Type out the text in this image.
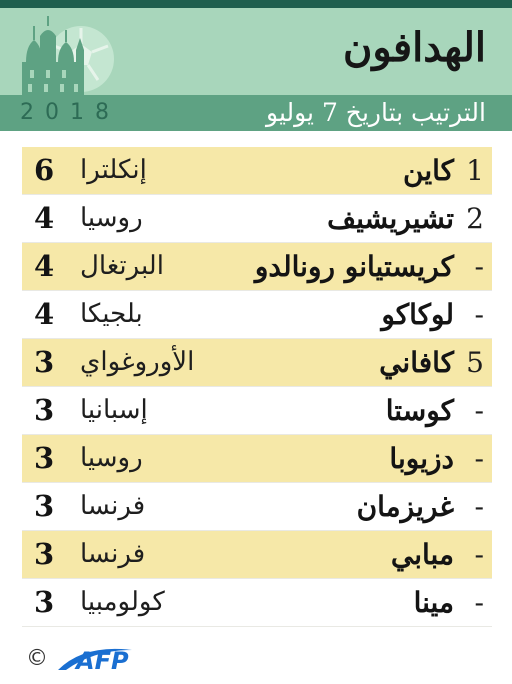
الهدافون
2018	الترتيب بتاريخ 7 يوليو

1
كاين
إنكلترا
6
2
تشيريشيف
روسيا
4
-
كريستيانو رونالدو
البرتغال
4
-
لوكاكو
بلجيكا
4
5
كافاني
الأوروغواي
3
-
كوستا
إسبانيا
3
-
دزيوبا
روسيا
3
-
غريزمان
فرنسا
3
-
مبابي
فرنسا
3
-
مينا
كولومبيا
3
© AFP
